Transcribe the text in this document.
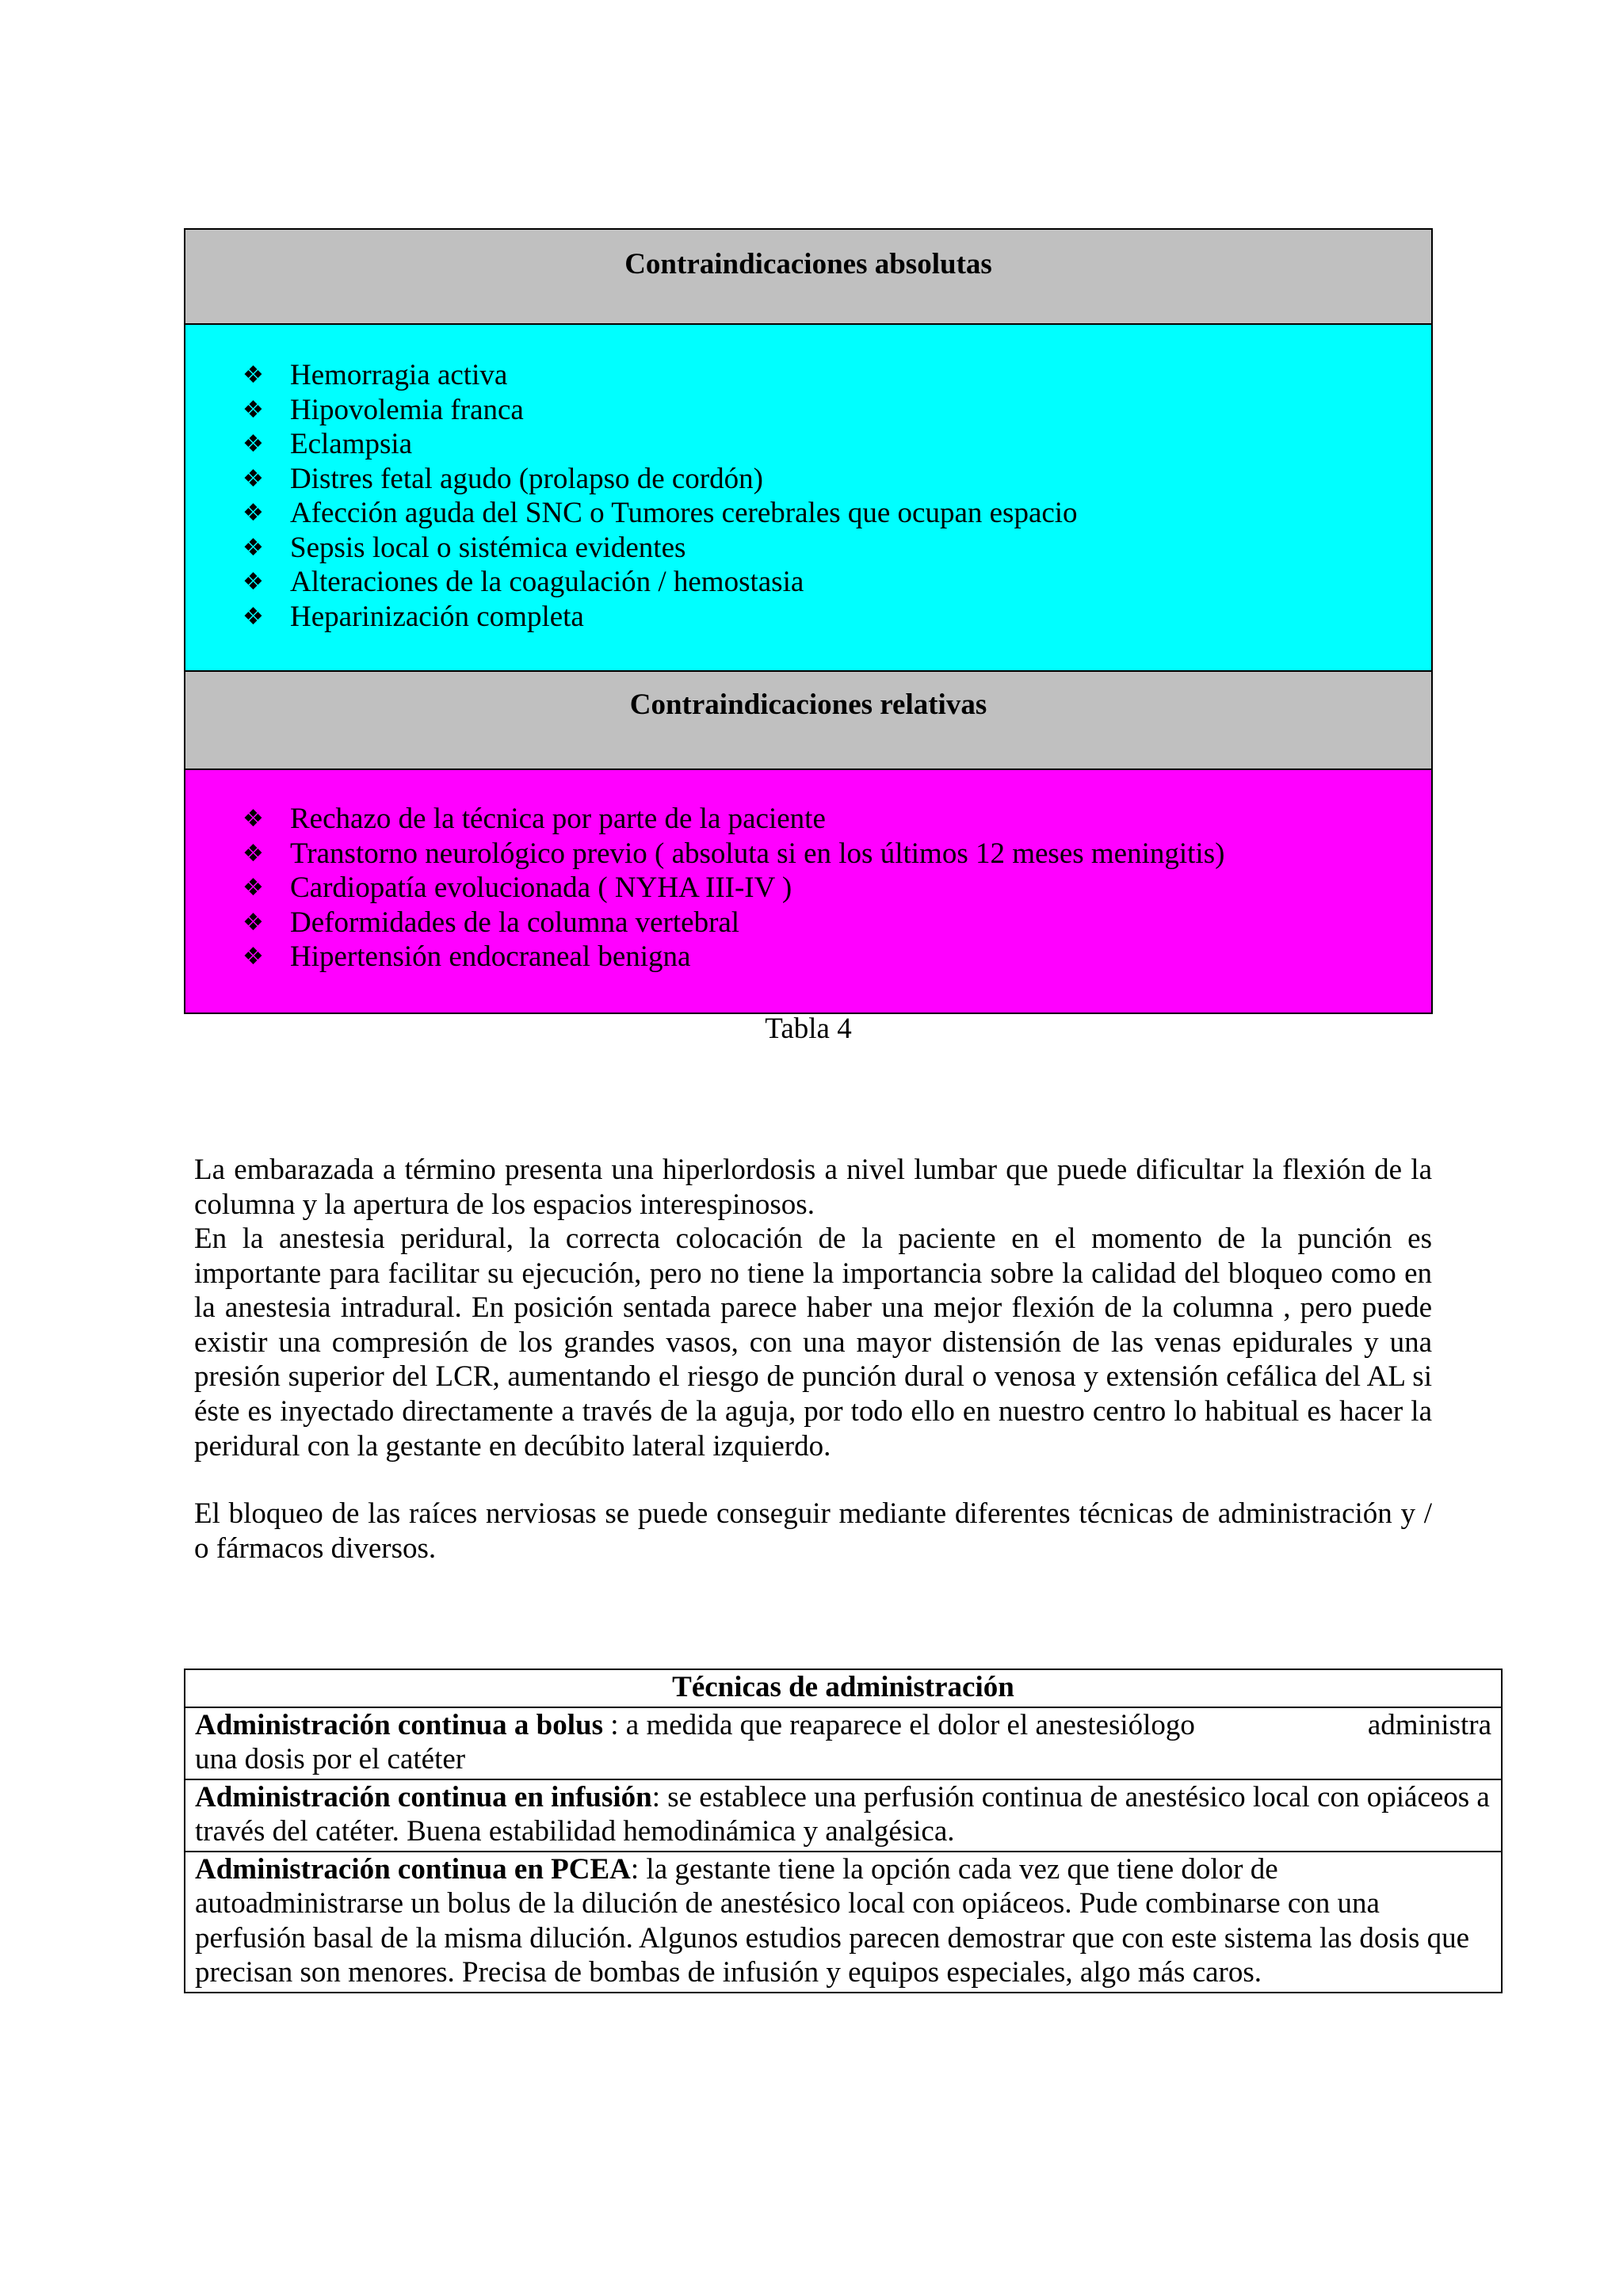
Contraindicaciones absolutas
❖ Hemorragia activa
❖ Hipovolemia franca
❖ Eclampsia
❖ Distres fetal agudo (prolapso de cordón)
❖ Afección aguda del SNC o Tumores cerebrales que ocupan espacio
❖ Sepsis local o sistémica evidentes
❖ Alteraciones de la coagulación / hemostasia
❖ Heparinización completa
Contraindicaciones relativas
❖ Rechazo de la técnica por parte de la paciente
❖ Transtorno neurológico previo ( absoluta si en los últimos 12 meses meningitis)
❖ Cardiopatía evolucionada ( NYHA III-IV )
❖ Deformidades de la columna vertebral
❖ Hipertensión endocraneal benigna
Tabla 4

La embarazada a término presenta una hiperlordosis a nivel lumbar que puede dificultar la flexión de la columna y la apertura de los espacios interespinosos.

En la anestesia peridural, la correcta colocación de la paciente en el momento de la punción es importante para facilitar su ejecución, pero no tiene la importancia sobre la calidad del bloqueo como en la anestesia intradural. En posición sentada parece haber una mejor flexión de la columna , pero puede existir una compresión de los grandes vasos, con una mayor distensión de las venas epidurales y una presión superior del LCR, aumentando el riesgo de punción dural o venosa y extensión cefálica del AL si éste es inyectado directamente a través de la aguja, por todo ello en nuestro centro lo habitual es hacer la peridural con la gestante en decúbito lateral izquierdo.

El bloqueo de las raíces nerviosas se puede conseguir mediante diferentes técnicas de administración y / o fármacos diversos.

Técnicas de administración

Administración continua a bolus : a medida que reaparece el dolor el anestesiólogo	administra
una dosis por el catéter

Administración continua en infusión: se establece una perfusión continua de anestésico local con opiáceos a través del catéter. Buena estabilidad hemodinámica y analgésica.
Administración continua en PCEA: la gestante tiene la opción cada vez que tiene dolor de autoadministrarse un bolus de la dilución de anestésico local con opiáceos. Pude combinarse con una perfusión basal de la misma dilución. Algunos estudios parecen demostrar que con este sistema las dosis que precisan son menores. Precisa de bombas de infusión y equipos especiales, algo más caros.
